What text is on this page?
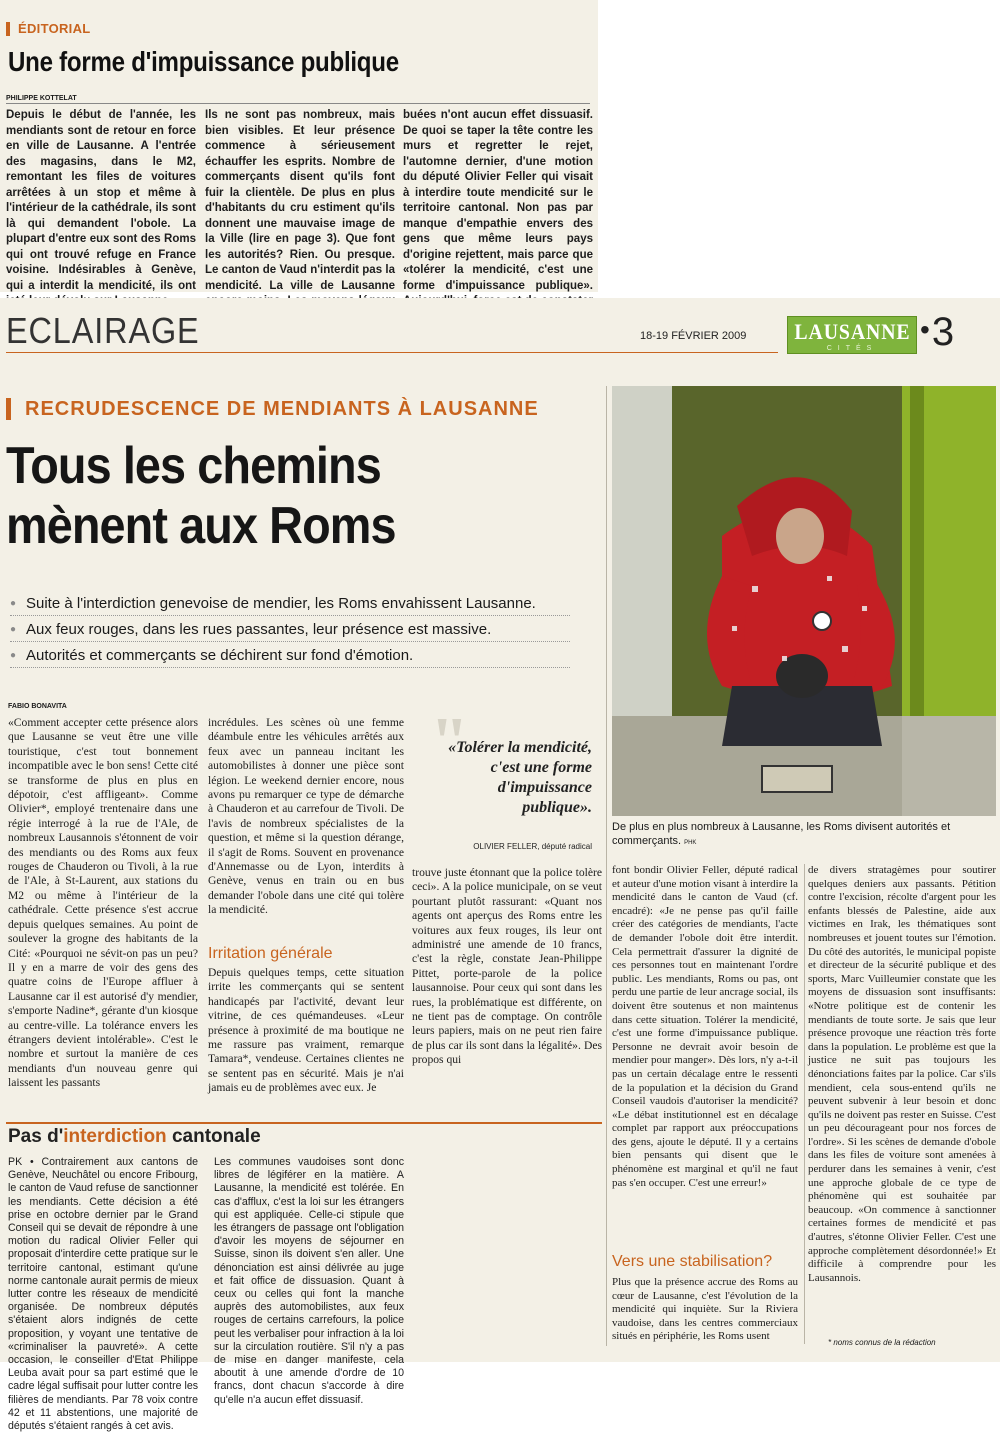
ÉDITORIAL
Une forme d'impuissance publique
PHILIPPE KOTTELAT

Depuis le début de l'année, les mendiants sont de retour en force en ville de Lausanne. A l'entrée des magasins, dans le M2, remontant les files de voitures arrêtées à un stop et même à l'intérieur de la cathédrale, ils sont là qui demandent l'obole. La plupart d'entre eux sont des Roms qui ont trouvé refuge en France voisine. Indésirables à Genève, qui a interdit la mendicité, ils ont

Ils ne sont pas nombreux, mais bien visibles. Et leur présence commence à sérieusement échauffer les esprits. Nombre de commerçants disent qu'ils font fuir la clientèle. De plus en plus d'habitants du cru estiment qu'ils donnent une mauvaise image de la Ville (lire en page 3). Que font les autorités? Rien. Ou presque. Le canton de Vaud n'interdit pas la mendicité. La ville de Lausanne

buées n'ont aucun effet dissuasif. De quoi se taper la tête contre les murs et regretter le rejet, l'automne dernier, d'une motion du député Olivier Feller qui visait à interdire toute mendicité sur le territoire cantonal. Non pas par manque d'empathie envers des gens que même leurs pays d'origine rejettent, mais parce que «tolérer la mendicité, c'est une forme d'impuissance publique».

ECLAIRAGE	18-19 FÉVRIER 2009 LAUSANNE
CITÉS
•3
RECRUDESCENCE DE MENDIANTS À LAUSANNE
Tous les chemins
mènent aux Roms
● Suite à l'interdiction genevoise de mendier, les Roms envahissent Lausanne.
● Aux feux rouges, dans les rues passantes, leur présence est massive.
● Autorités et commerçants se déchirent sur fond d'émotion.
FABIO BONAVITA

De plus en plus nombreux à Lausanne, les Roms divisent autorités et commerçants. PHK

"
«Tolérer la mendicité, c'est une forme d'impuissance publique».
OLIVIER FELLER, député radical

«Comment accepter cette présence alors que Lausanne se veut être une ville touristique, c'est tout bonnement incompatible avec le bon sens! Cette cité se transforme de plus en plus en dépotoir, c'est affligeant». Comme Olivier*, employé trentenaire dans une régie interrogé à la rue de l'Ale, de nombreux Lausannois s'étonnent de voir des mendiants ou des Roms aux feux rouges de Chauderon ou Tivoli, à la rue de l'Ale, à St-Laurent, aux stations du M2 ou même à l'intérieur de la cathédrale. Cette présence s'est accrue depuis quelques semaines. Au point de soulever la grogne des habitants de la Cité: «Pourquoi ne sévit-on pas un peu? Il y en a marre de voir des gens des quatre coins de l'Europe affluer à Lausanne car il est autorisé d'y mendier, s'emporte Nadine*, gérante d'un kiosque au centre-ville. La tolérance envers les étrangers devient intolérable». C'est le nombre et surtout la manière de ces mendiants d'un nouveau genre qui laissent les passants

incrédules. Les scènes où une femme déambule entre les véhicules arrêtés aux feux avec un panneau incitant les automobilistes à donner une pièce sont légion. Le weekend dernier encore, nous avons pu remarquer ce type de démarche à Chauderon et au carrefour de Tivoli. De l'avis de nombreux spécialistes de la question, et même si la question dérange, il s'agit de Roms. Souvent en provenance d'Annemasse ou de Lyon, interdits à Genève, venus en train ou en bus demander l'obole dans une cité qui tolère la mendicité.

Irritation générale

Depuis quelques temps, cette situation irrite les commerçants qui se sentent handicapés par l'activité, devant leur vitrine, de ces quémandeuses. «Leur présence à proximité de ma boutique ne me rassure pas vraiment, remarque Tamara*, vendeuse. Certaines clientes ne se sentent pas en sécurité. Mais je n'ai jamais eu de problèmes avec eux. Je

trouve juste étonnant que la police tolère ceci». A la police municipale, on se veut pourtant plutôt rassurant: «Quant nos agents ont aperçus des Roms entre les voitures aux feux rouges, ils leur ont administré une amende de 10 francs, c'est la règle, constate Jean-Philippe Pittet, porte-parole de la police lausannoise. Pour ceux qui sont dans les rues, la problématique est différente, on ne tient pas de comptage. On contrôle leurs papiers, mais on ne peut rien faire de plus car ils sont dans la légalité». Des propos qui

font bondir Olivier Feller, député radical et auteur d'une motion visant à interdire la mendicité dans le canton de Vaud (cf. encadré): «Je ne pense pas qu'il faille créer des catégories de mendiants, l'acte de demander l'obole doit être interdit. Cela permettrait d'assurer la dignité de ces personnes tout en maintenant l'ordre public. Les mendiants, Roms ou pas, ont perdu une partie de leur ancrage social, ils doivent être soutenus et non maintenus dans cette situation. Tolérer la mendicité, c'est une forme d'impuissance publique. Personne ne devrait avoir besoin de mendier pour manger». Dès lors, n'y a-t-il pas un certain décalage entre le ressenti de la population et la décision du Grand Conseil vaudois d'autoriser la mendicité? «Le débat institutionnel est en décalage complet par rapport aux préoccupations des gens, ajoute le député. Il y a certains bien pensants qui disent que le phénomène est marginal et qu'il ne faut pas s'en occuper. C'est une erreur!»

Vers une stabilisation?

Plus que la présence accrue des Roms au cœur de Lausanne, c'est l'évolution de la mendicité qui inquiète. Sur la Riviera vaudoise, dans les centres commerciaux situés en périphérie, les Roms usent

de divers stratagèmes pour soutirer quelques deniers aux passants. Pétition contre l'excision, récolte d'argent pour les enfants blessés de Palestine, aide aux victimes en Irak, les thématiques sont nombreuses et jouent toutes sur l'émotion. Du côté des autorités, le municipal popiste et directeur de la sécurité publique et des sports, Marc Vuilleumier constate que les moyens de dissuasion sont insuffisants: «Notre politique est de contenir les mendiants de toute sorte. Je sais que leur présence provoque une réaction très forte dans la population. Le problème est que la justice ne suit pas toujours les dénonciations faites par la police. Car s'ils mendient, cela sous-entend qu'ils ne peuvent subvenir à leur besoin et donc qu'ils ne doivent pas rester en Suisse. C'est un peu décourageant pour nos forces de l'ordre». Si les scènes de demande d'obole dans les files de voiture sont amenées à perdurer dans les semaines à venir, c'est une approche globale de ce type de phénomène qui est souhaitée par beaucoup. «On commence à sanctionner certaines formes de mendicité et pas d'autres, s'étonne Olivier Feller. C'est une approche complètement désordonnée!» Et difficile à comprendre pour les Lausannois.

* noms connus de la rédaction
Pas d'interdiction cantonale

PK • Contrairement aux cantons de Genève, Neuchâtel ou encore Fribourg, le canton de Vaud refuse de sanctionner les mendiants. Cette décision a été prise en octobre dernier par le Grand Conseil qui se devait de répondre à une motion du radical Olivier Feller qui proposait d'interdire cette pratique sur le territoire cantonal, estimant qu'une norme cantonale aurait permis de mieux lutter contre les réseaux de mendicité organisée. De nombreux députés s'étaient alors indignés de cette proposition, y voyant une tentative de «criminaliser la pauvreté». A cette occasion, le conseiller d'Etat Philippe Leuba avait pour sa part estimé que le cadre légal suffisait pour lutter contre les filières de mendiants. Par 78 voix contre 42 et 11 abstentions, une majorité de députés s'étaient rangés à cet avis.

Les communes vaudoises sont donc libres de légiférer en la matière. A Lausanne, la mendicité est tolérée. En cas d'afflux, c'est la loi sur les étrangers qui est appliquée. Celle-ci stipule que les étrangers de passage ont l'obligation d'avoir les moyens de séjourner en Suisse, sinon ils doivent s'en aller. Une dénonciation est ainsi délivrée au juge et fait office de dissuasion. Quant à ceux ou celles qui font la manche auprès des automobilistes, aux feux rouges de certains carrefours, la police peut les verbaliser pour infraction à la loi sur la circulation routière. S'il n'y a pas de mise en danger manifeste, cela aboutit à une amende d'ordre de 10 francs, dont chacun s'accorde à dire qu'elle n'a aucun effet dissuasif.
